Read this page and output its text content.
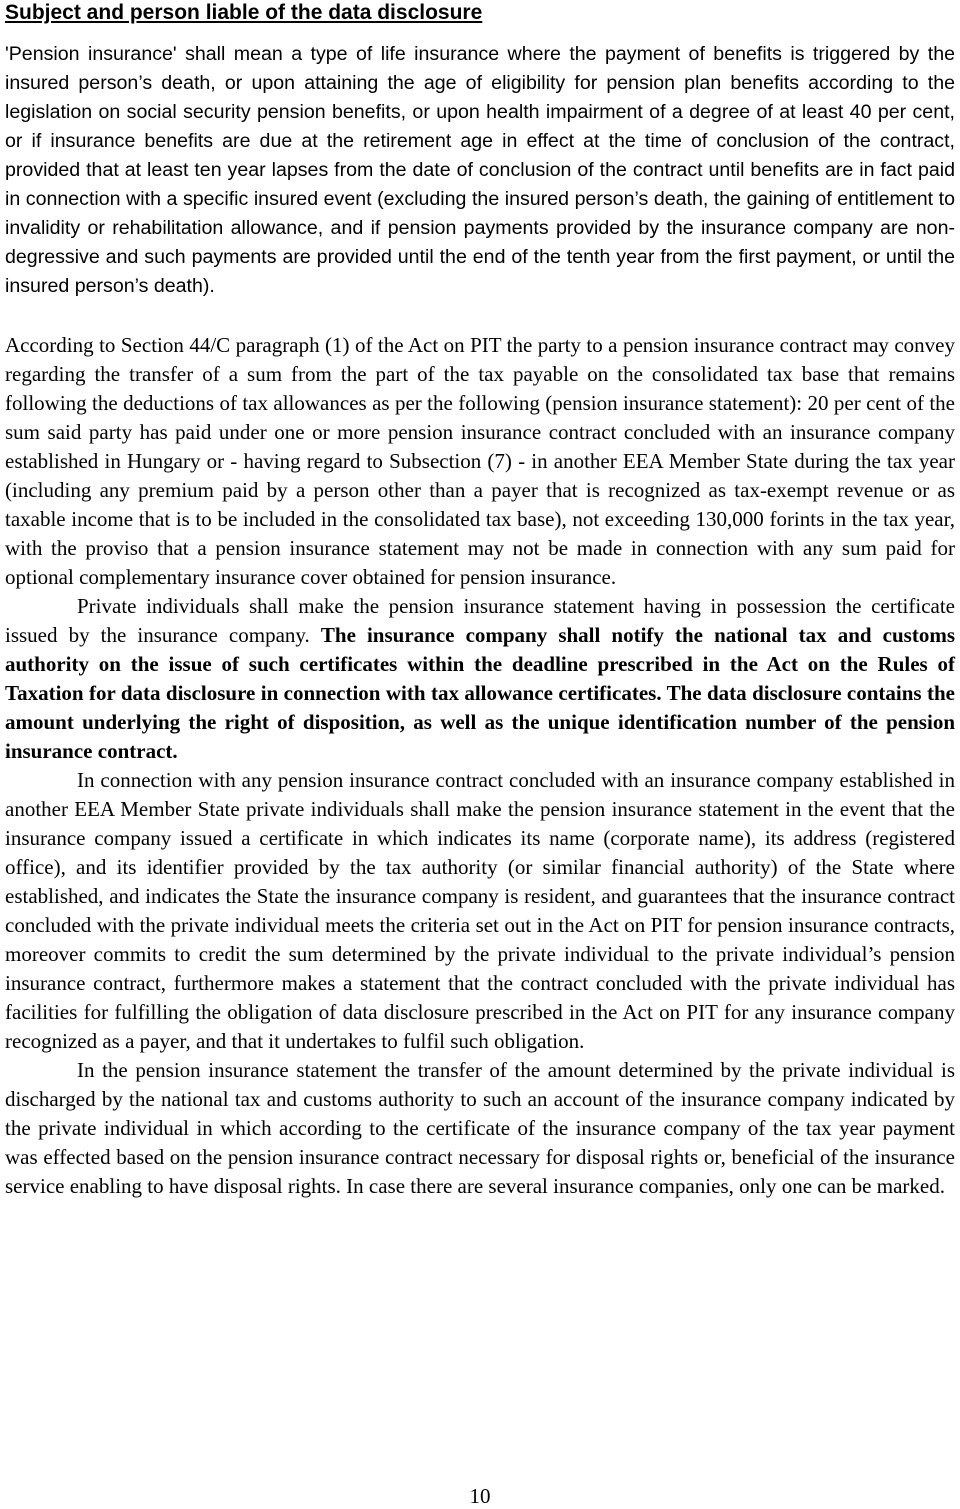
Subject and person liable of the data disclosure

'Pension insurance' shall mean a type of life insurance where the payment of benefits is triggered by the insured person’s death, or upon attaining the age of eligibility for pension plan benefits according to the legislation on social security pension benefits, or upon health impairment of a degree of at least 40 per cent, or if insurance benefits are due at the retirement age in effect at the time of conclusion of the contract, provided that at least ten year lapses from the date of conclusion of the contract until benefits are in fact paid in connection with a specific insured event (excluding the insured person’s death, the gaining of entitlement to invalidity or rehabilitation allowance, and if pension payments provided by the insurance company are non-degressive and such payments are provided until the end of the tenth year from the first payment, or until the insured person’s death).

According to Section 44/C paragraph (1) of the Act on PIT the party to a pension insurance contract may convey regarding the transfer of a sum from the part of the tax payable on the consolidated tax base that remains following the deductions of tax allowances as per the following (pension insurance statement): 20 per cent of the sum said party has paid under one or more pension insurance contract concluded with an insurance company established in Hungary or - having regard to Subsection (7) - in another EEA Member State during the tax year (including any premium paid by a person other than a payer that is recognized as tax-exempt revenue or as taxable income that is to be included in the consolidated tax base), not exceeding 130,000 forints in the tax year, with the proviso that a pension insurance statement may not be made in connection with any sum paid for optional complementary insurance cover obtained for pension insurance.

Private individuals shall make the pension insurance statement having in possession the certificate issued by the insurance company. The insurance company shall notify the national tax and customs authority on the issue of such certificates within the deadline prescribed in the Act on the Rules of Taxation for data disclosure in connection with tax allowance certificates. The data disclosure contains the amount underlying the right of disposition, as well as the unique identification number of the pension insurance contract.

In connection with any pension insurance contract concluded with an insurance company established in another EEA Member State private individuals shall make the pension insurance statement in the event that the insurance company issued a certificate in which indicates its name (corporate name), its address (registered office), and its identifier provided by the tax authority (or similar financial authority) of the State where established, and indicates the State the insurance company is resident, and guarantees that the insurance contract concluded with the private individual meets the criteria set out in the Act on PIT for pension insurance contracts, moreover commits to credit the sum determined by the private individual to the private individual’s pension insurance contract, furthermore makes a statement that the contract concluded with the private individual has facilities for fulfilling the obligation of data disclosure prescribed in the Act on PIT for any insurance company recognized as a payer, and that it undertakes to fulfil such obligation.

In the pension insurance statement the transfer of the amount determined by the private individual is discharged by the national tax and customs authority to such an account of the insurance company indicated by the private individual in which according to the certificate of the insurance company of the tax year payment was effected based on the pension insurance contract necessary for disposal rights or, beneficial of the insurance service enabling to have disposal rights. In case there are several insurance companies, only one can be marked.

10
